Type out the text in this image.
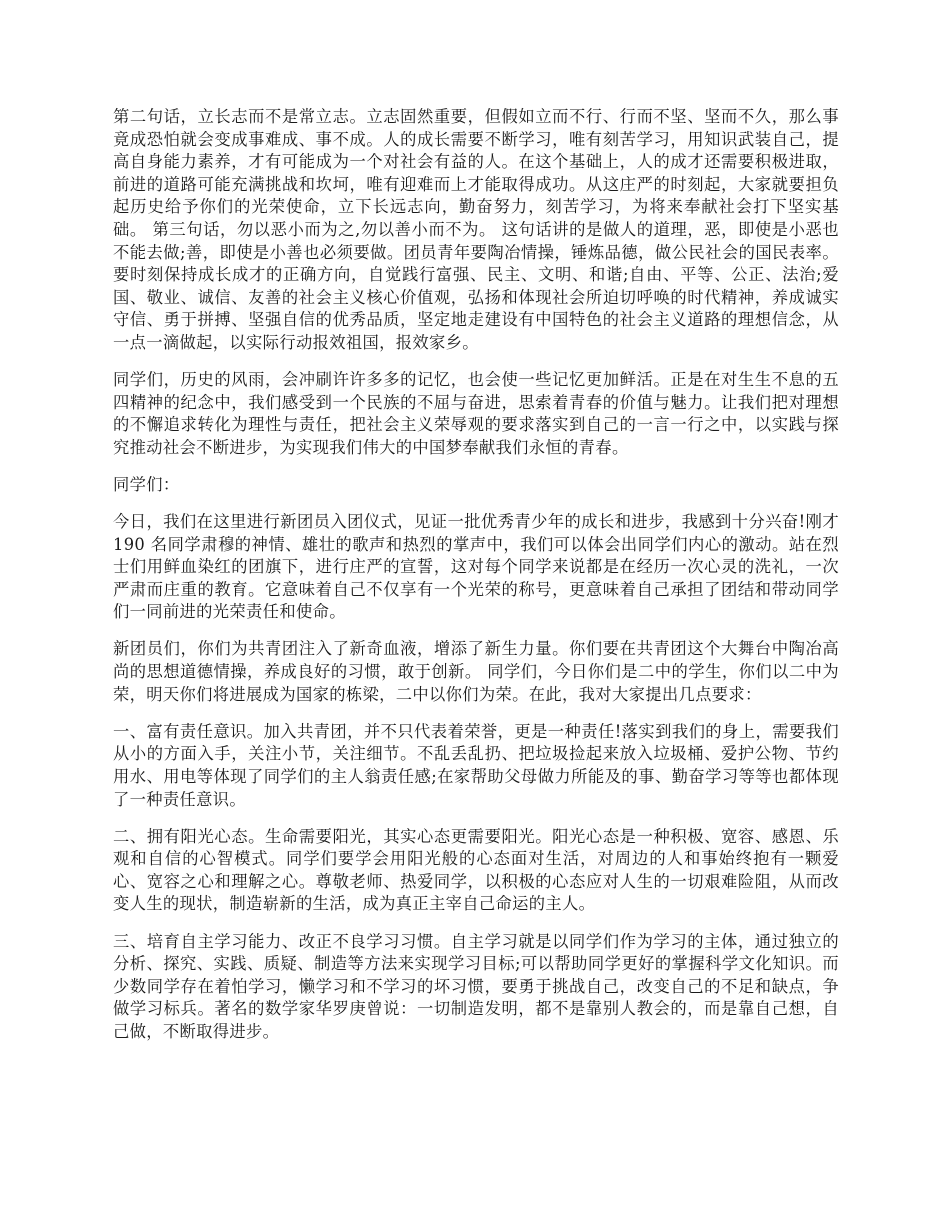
第二句话，立长志而不是常立志。立志固然重要，但假如立而不行、行而不坚、坚而不久，那么事竟成恐怕就会变成事难成、事不成。人的成长需要不断学习，唯有刻苦学习，用知识武装自己，提高自身能力素养，才有可能成为一个对社会有益的人。在这个基础上，人的成才还需要积极进取，前进的道路可能充满挑战和坎坷，唯有迎难而上才能取得成功。从这庄严的时刻起，大家就要担负起历史给予你们的光荣使命，立下长远志向，勤奋努力，刻苦学习，为将来奉献社会打下坚实基础。 第三句话，勿以恶小而为之,勿以善小而不为。 这句话讲的是做人的道理，恶，即使是小恶也不能去做;善，即使是小善也必须要做。团员青年要陶冶情操，锤炼品德，做公民社会的国民表率。要时刻保持成长成才的正确方向，自觉践行富强、民主、文明、和谐;自由、平等、公正、法治;爱国、敬业、诚信、友善的社会主义核心价值观，弘扬和体现社会所迫切呼唤的时代精神，养成诚实守信、勇于拼搏、坚强自信的优秀品质，坚定地走建设有中国特色的社会主义道路的理想信念，从一点一滴做起，以实际行动报效祖国，报效家乡。

同学们，历史的风雨，会冲刷许许多多的记忆，也会使一些记忆更加鲜活。正是在对生生不息的五四精神的纪念中，我们感受到一个民族的不屈与奋进，思索着青春的价值与魅力。让我们把对理想的不懈追求转化为理性与责任，把社会主义荣辱观的要求落实到自己的一言一行之中，以实践与探究推动社会不断进步，为实现我们伟大的中国梦奉献我们永恒的青春。

同学们：

今日，我们在这里进行新团员入团仪式，见证一批优秀青少年的成长和进步，我感到十分兴奋!刚才 190 名同学肃穆的神情、雄壮的歌声和热烈的掌声中，我们可以体会出同学们内心的激动。站在烈士们用鲜血染红的团旗下，进行庄严的宣誓，这对每个同学来说都是在经历一次心灵的洗礼，一次严肃而庄重的教育。它意味着自己不仅享有一个光荣的称号，更意味着自己承担了团结和带动同学们一同前进的光荣责任和使命。

新团员们，你们为共青团注入了新奇血液，增添了新生力量。你们要在共青团这个大舞台中陶冶高尚的思想道德情操，养成良好的习惯，敢于创新。 同学们，今日你们是二中的学生，你们以二中为荣，明天你们将进展成为国家的栋梁，二中以你们为荣。在此，我对大家提出几点要求：

一、富有责任意识。加入共青团，并不只代表着荣誉，更是一种责任!落实到我们的身上，需要我们从小的方面入手，关注小节，关注细节。不乱丢乱扔、把垃圾捡起来放入垃圾桶、爱护公物、节约用水、用电等体现了同学们的主人翁责任感;在家帮助父母做力所能及的事、勤奋学习等等也都体现了一种责任意识。

二、拥有阳光心态。生命需要阳光，其实心态更需要阳光。阳光心态是一种积极、宽容、感恩、乐观和自信的心智模式。同学们要学会用阳光般的心态面对生活，对周边的人和事始终抱有一颗爱心、宽容之心和理解之心。尊敬老师、热爱同学，以积极的心态应对人生的一切艰难险阻，从而改变人生的现状，制造崭新的生活，成为真正主宰自己命运的主人。

三、培育自主学习能力、改正不良学习习惯。自主学习就是以同学们作为学习的主体，通过独立的分析、探究、实践、质疑、制造等方法来实现学习目标;可以帮助同学更好的掌握科学文化知识。而少数同学存在着怕学习，懒学习和不学习的坏习惯，要勇于挑战自己，改变自己的不足和缺点，争做学习标兵。著名的数学家华罗庚曾说：一切制造发明，都不是靠别人教会的，而是靠自己想，自己做，不断取得进步。
